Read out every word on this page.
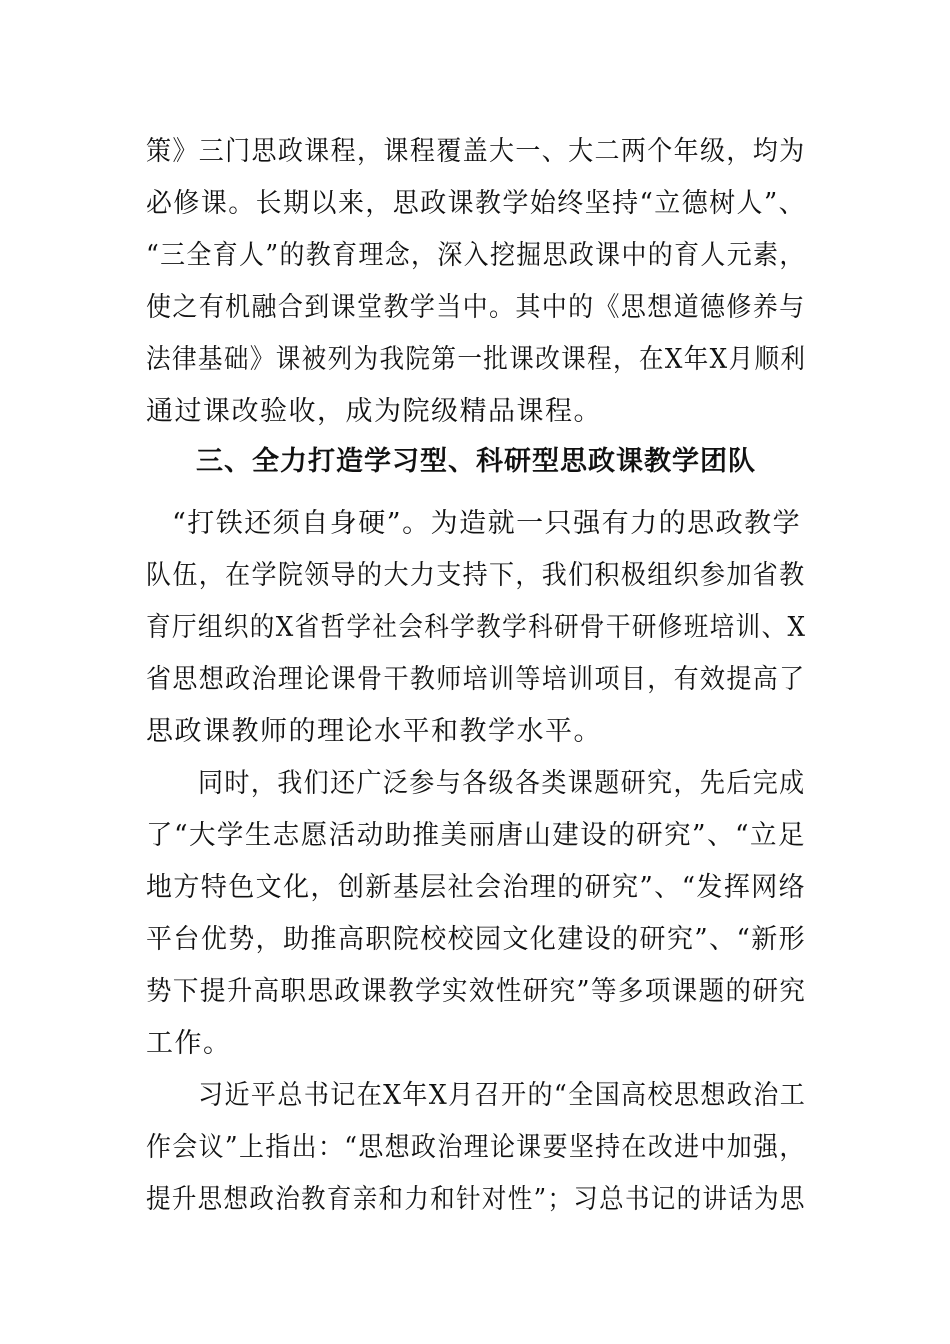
策》三门思政课程，课程覆盖大一、大二两个年级，均为
必修课。长期以来，思政课教学始终坚持“立德树人”、
“三全育人”的教育理念，深入挖掘思政课中的育人元素，
使之有机融合到课堂教学当中。其中的《思想道德修养与
法律基础》课被列为我院第一批课改课程，在X年X月顺利
通过课改验收，成为院级精品课程。
三、全力打造学习型、科研型思政课教学团队
“打铁还须自身硬”。为造就一只强有力的思政教学
队伍，在学院领导的大力支持下，我们积极组织参加省教
育厅组织的X省哲学社会科学教学科研骨干研修班培训、X
省思想政治理论课骨干教师培训等培训项目，有效提高了
思政课教师的理论水平和教学水平。
同时，我们还广泛参与各级各类课题研究，先后完成
了“大学生志愿活动助推美丽唐山建设的研究”、“立足
地方特色文化，创新基层社会治理的研究”、“发挥网络
平台优势，助推高职院校校园文化建设的研究”、“新形
势下提升高职思政课教学实效性研究”等多项课题的研究
工作。
习近平总书记在X年X月召开的“全国高校思想政治工
作会议”上指出：“思想政治理论课要坚持在改进中加强，
提升思想政治教育亲和力和针对性”；习总书记的讲话为思
